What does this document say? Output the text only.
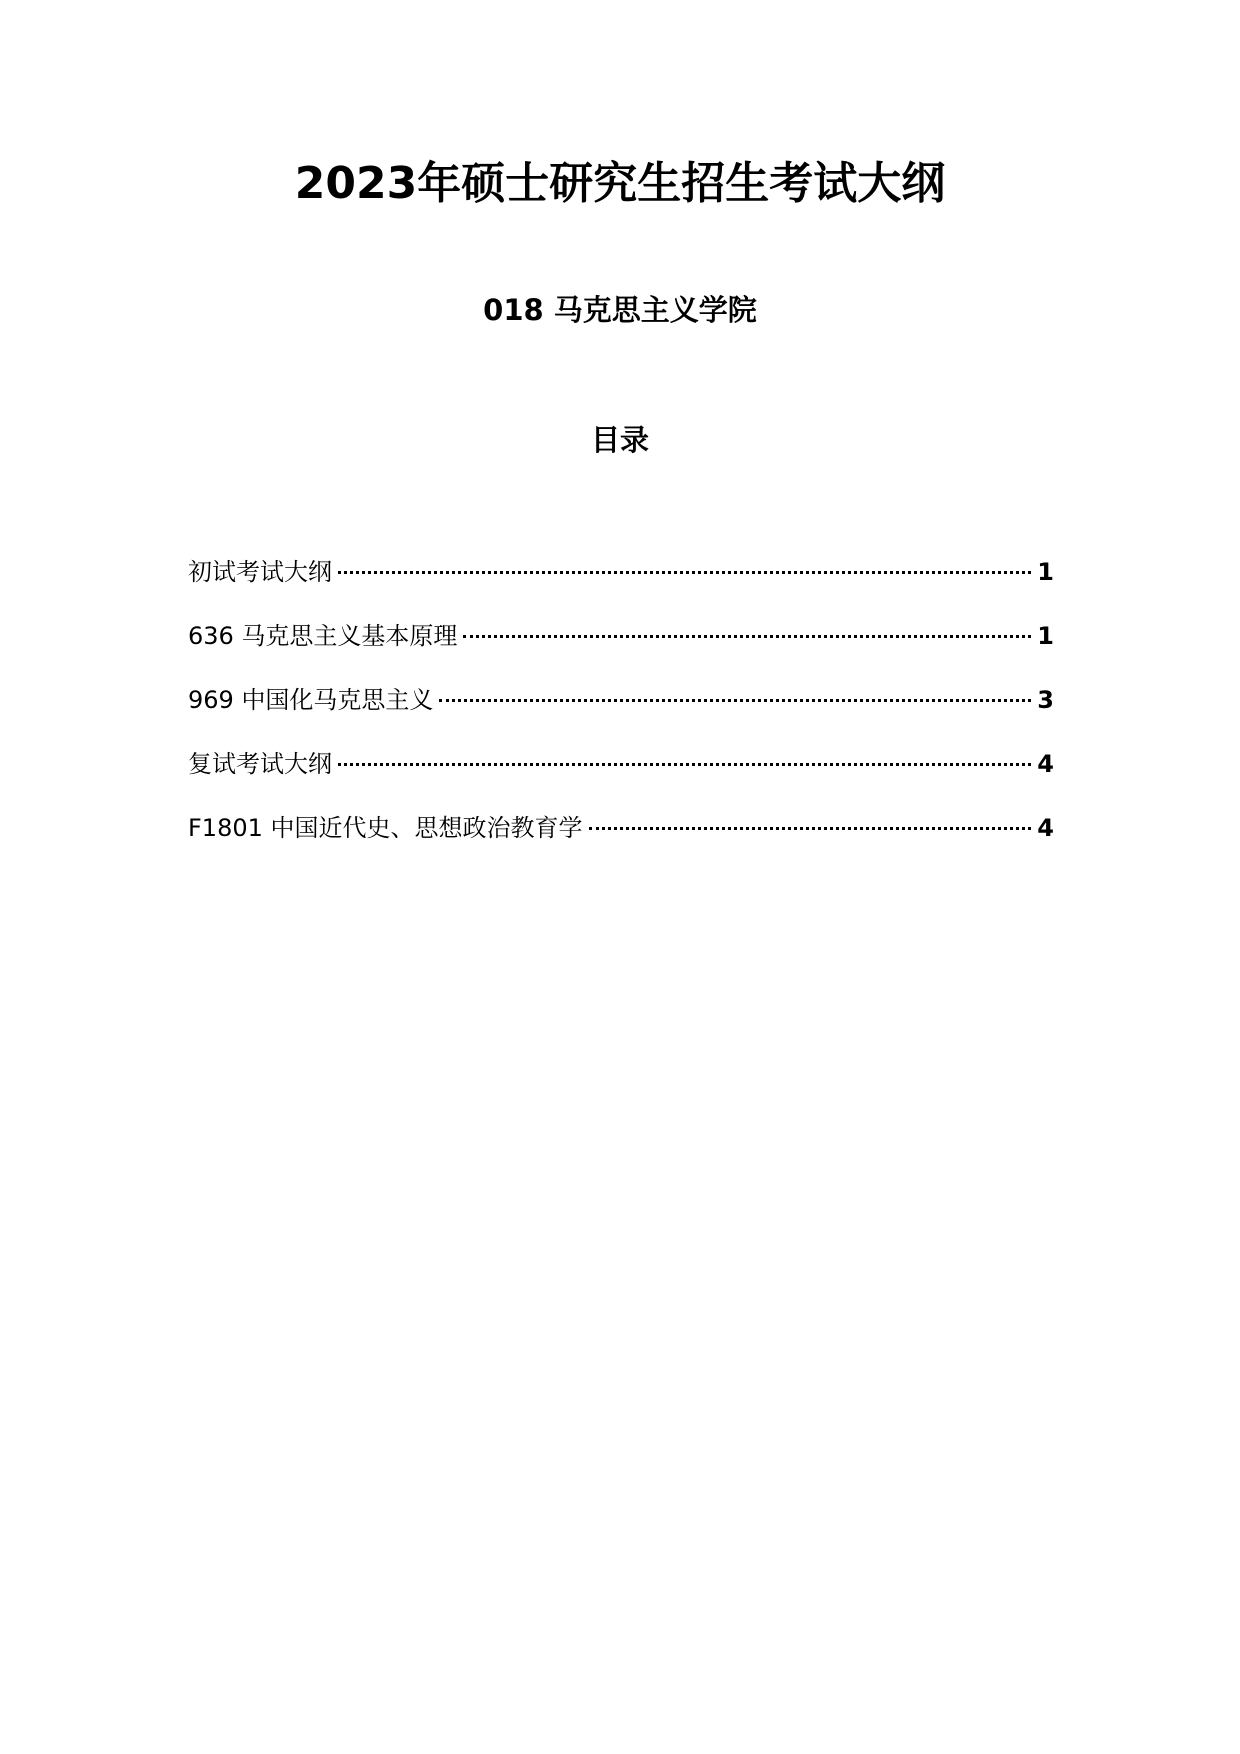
2023年硕士研究生招生考试大纲
018 马克思主义学院
目录
初试考试大纲	1
636 马克思主义基本原理	1
969 中国化马克思主义	3
复试考试大纲	4
F1801 中国近代史、思想政治教育学	4
